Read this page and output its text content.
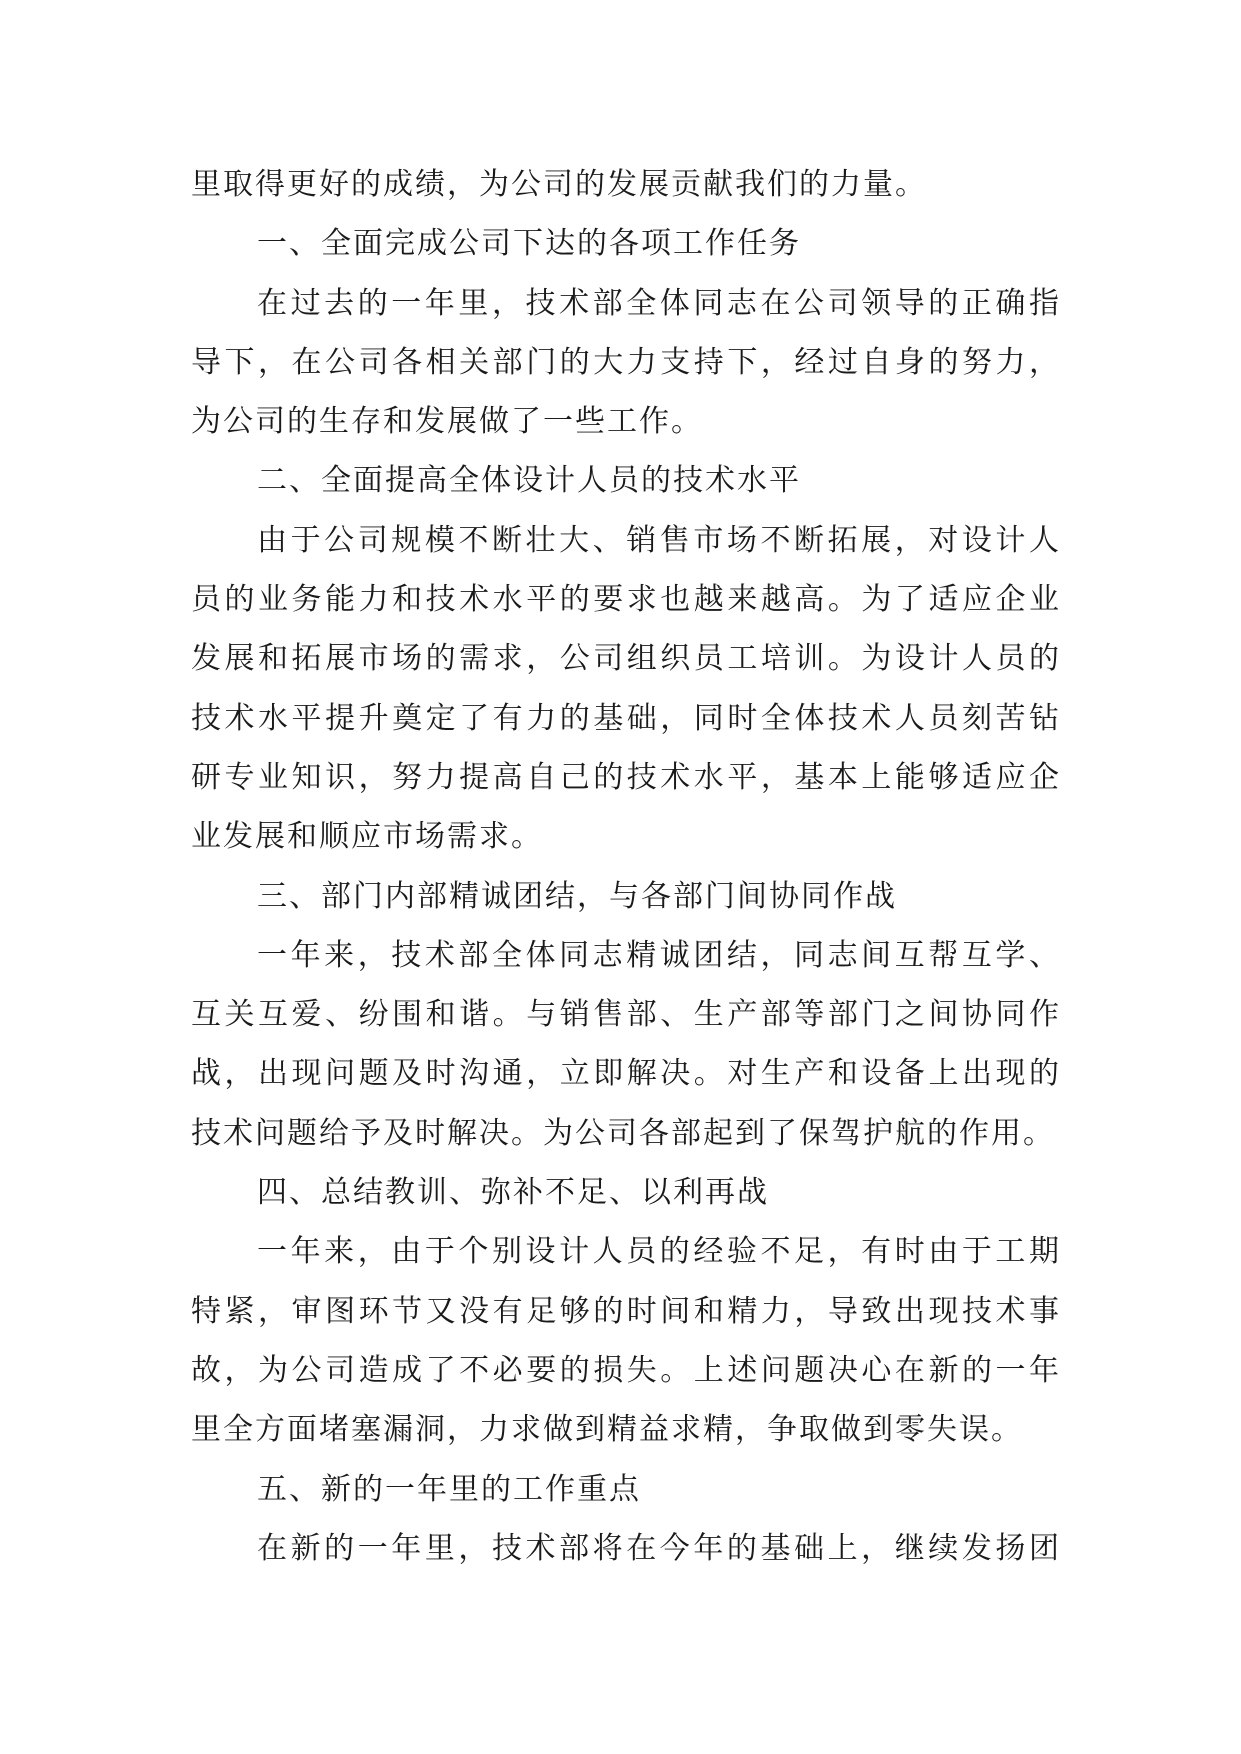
里取得更好的成绩，为公司的发展贡献我们的力量。
一、全面完成公司下达的各项工作任务
在过去的一年里，技术部全体同志在公司领导的正确指
导下，在公司各相关部门的大力支持下，经过自身的努力，
为公司的生存和发展做了一些工作。
二、全面提高全体设计人员的技术水平
由于公司规模不断壮大、销售市场不断拓展，对设计人
员的业务能力和技术水平的要求也越来越高。为了适应企业
发展和拓展市场的需求，公司组织员工培训。为设计人员的
技术水平提升奠定了有力的基础，同时全体技术人员刻苦钻
研专业知识，努力提高自己的技术水平，基本上能够适应企
业发展和顺应市场需求。
三、部门内部精诚团结，与各部门间协同作战
一年来，技术部全体同志精诚团结，同志间互帮互学、
互关互爱、纷围和谐。与销售部、生产部等部门之间协同作
战，出现问题及时沟通，立即解决。对生产和设备上出现的
技术问题给予及时解决。为公司各部起到了保驾护航的作用。
四、总结教训、弥补不足、以利再战
一年来，由于个别设计人员的经验不足，有时由于工期
特紧，审图环节又没有足够的时间和精力，导致出现技术事
故，为公司造成了不必要的损失。上述问题决心在新的一年
里全方面堵塞漏洞，力求做到精益求精，争取做到零失误。
五、新的一年里的工作重点
在新的一年里，技术部将在今年的基础上，继续发扬团
